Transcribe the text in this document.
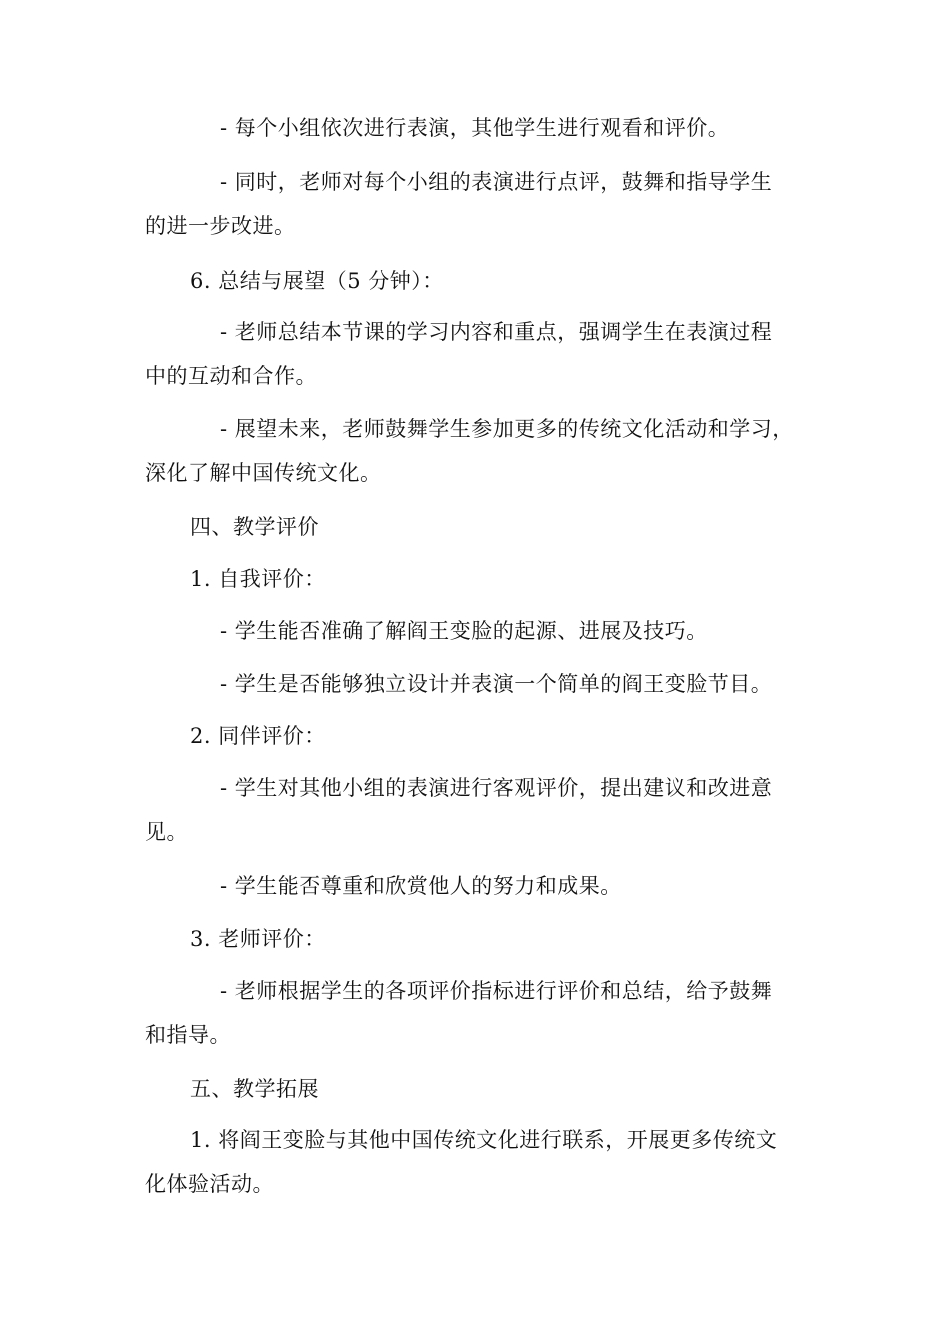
- 每个小组依次进行表演，其他学生进行观看和评价。
- 同时，老师对每个小组的表演进行点评，鼓舞和指导学生
的进一步改进。
6. 总结与展望（5 分钟）：
- 老师总结本节课的学习内容和重点，强调学生在表演过程
中的互动和合作。
- 展望未来，老师鼓舞学生参加更多的传统文化活动和学习，
深化了解中国传统文化。
四、教学评价
1. 自我评价：
- 学生能否准确了解阎王变脸的起源、进展及技巧。
- 学生是否能够独立设计并表演一个简单的阎王变脸节目。
2. 同伴评价：
- 学生对其他小组的表演进行客观评价，提出建议和改进意
见。
- 学生能否尊重和欣赏他人的努力和成果。
3. 老师评价：
- 老师根据学生的各项评价指标进行评价和总结，给予鼓舞
和指导。
五、教学拓展
1. 将阎王变脸与其他中国传统文化进行联系，开展更多传统文
化体验活动。
